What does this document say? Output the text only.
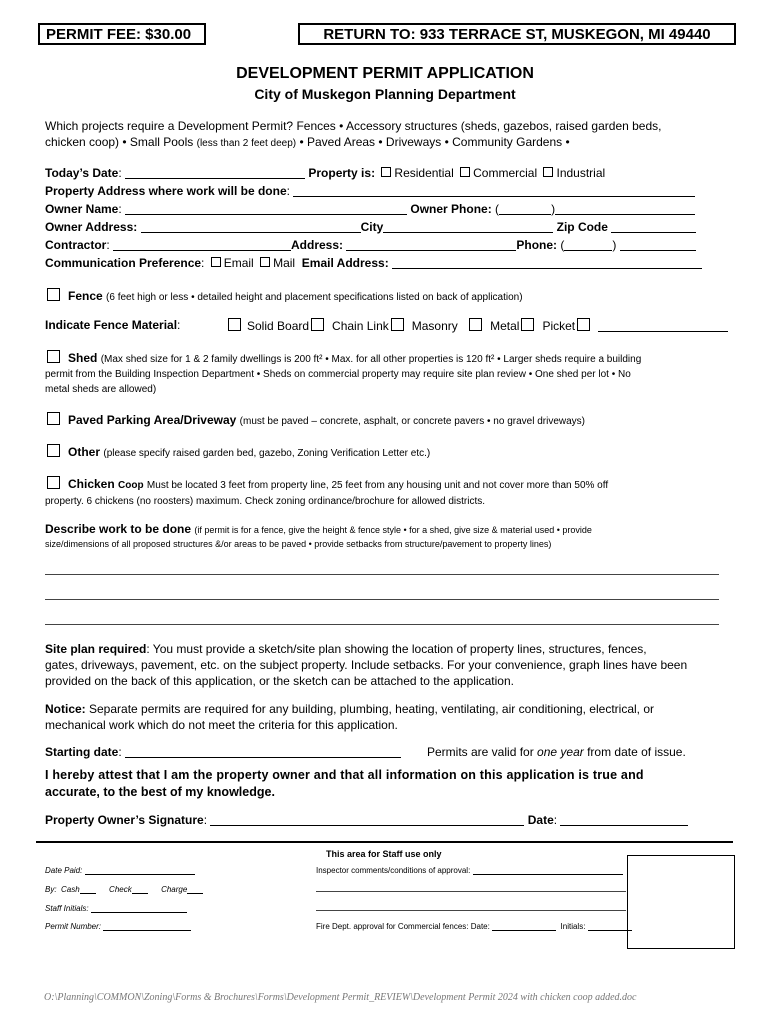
PERMIT FEE: $30.00	RETURN TO: 933 TERRACE ST, MUSKEGON, MI 49440
DEVELOPMENT PERMIT APPLICATION
City of Muskegon Planning Department
Which projects require a Development Permit? Fences • Accessory structures (sheds, gazebos, raised garden beds,
chicken coop) • Small Pools (less than 2 feet deep) • Paved Areas • Driveways • Community Gardens •
Today’s Date:	Property is: Residential Commercial Industrial
Property Address where work will be done:
Owner Name:	Owner Phone: (	)
Owner Address:	City	Zip Code
Contractor:	Address:	Phone: (	)
Communication Preference: Email Mail Email Address:
Fence (6 feet high or less • detailed height and placement specifications listed on back of application)
Indicate Fence Material:	Solid Board Chain Link Masonry	Metal Picket
Shed (Max shed size for 1 & 2 family dwellings is 200 ft² • Max. for all other properties is 120 ft² • Larger sheds require a building
permit from the Building Inspection Department • Sheds on commercial property may require site plan review • One shed per lot • No
metal sheds are allowed)
Paved Parking Area/Driveway (must be paved – concrete, asphalt, or concrete pavers • no gravel driveways)
Other (please specify raised garden bed, gazebo, Zoning Verification Letter etc.)
Chicken Coop Must be located 3 feet from property line, 25 feet from any housing unit and not cover more than 50% off
property. 6 chickens (no roosters) maximum. Check zoning ordinance/brochure for allowed districts.
Describe work to be done (if permit is for a fence, give the height & fence style • for a shed, give size & material used • provide
size/dimensions of all proposed structures &/or areas to be paved • provide setbacks from structure/pavement to property lines)
Site plan required: You must provide a sketch/site plan showing the location of property lines, structures, fences,
gates, driveways, pavement, etc. on the subject property. Include setbacks. For your convenience, graph lines have been
provided on the back of this application, or the sketch can be attached to the application.
Notice: Separate permits are required for any building, plumbing, heating, ventilating, air conditioning, electrical, or
mechanical work which do not meet the criteria for this application.
Starting date:	Permits are valid for one year from date of issue.
I hereby attest that I am the property owner and that all information on this application is true and
accurate, to the best of my knowledge.
Property Owner’s Signature:	Date:
This area for Staff use only
Date Paid:
By: Cash	Check	Charge
Staff Initials:
Permit Number:
Inspector comments/conditions of approval:
Fire Dept. approval for Commercial fences: Date:	Initials:
O:\Planning\COMMON\Zoning\Forms & Brochures\Forms\Development Permit_REVIEW\Development Permit 2024 with chicken coop added.doc
